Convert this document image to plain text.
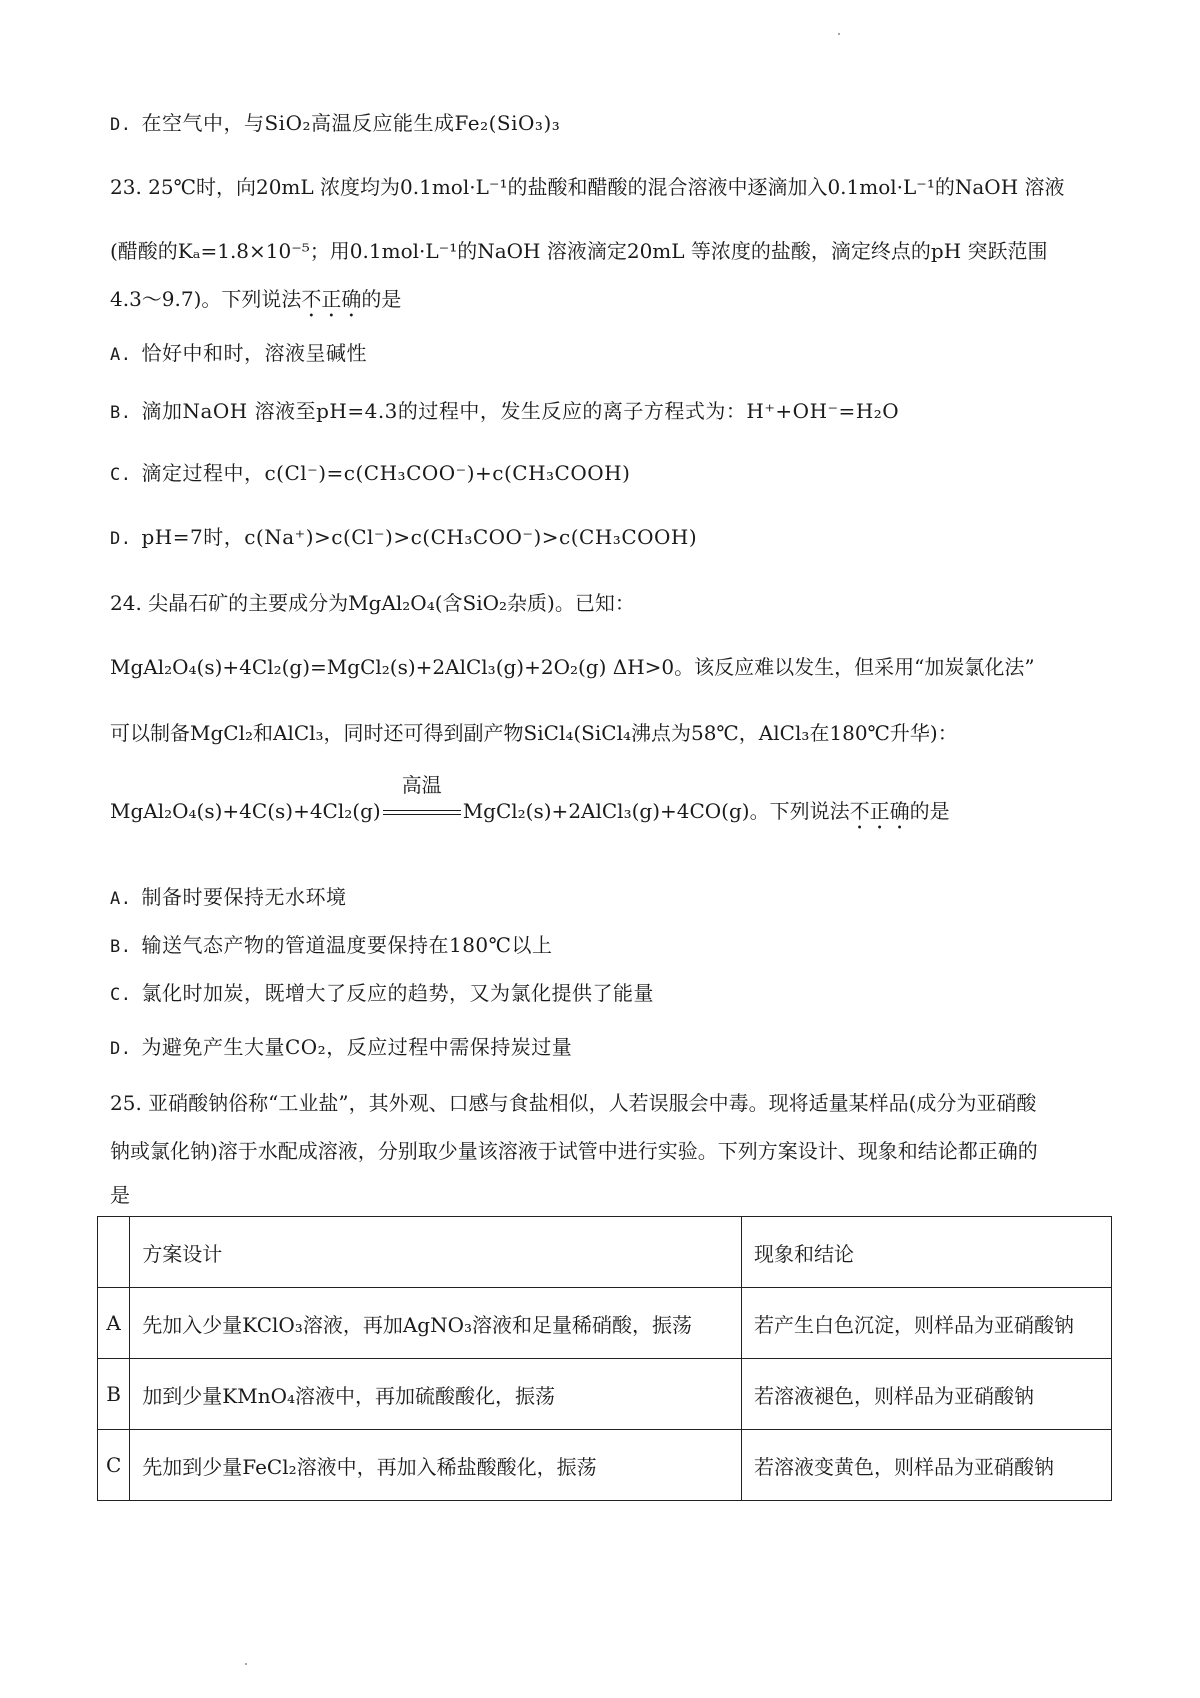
D. 在空气中，与SiO₂高温反应能生成Fe₂(SiO₃)₃
23. 25℃时，向20mL 浓度均为0.1mol·L⁻¹的盐酸和醋酸的混合溶液中逐滴加入0.1mol·L⁻¹的NaOH 溶液
(醋酸的Kₐ=1.8×10⁻⁵；用0.1mol·L⁻¹的NaOH 溶液滴定20mL 等浓度的盐酸，滴定终点的pH 突跃范围
4.3～9.7)。下列说法不正确的是
A. 恰好中和时，溶液呈碱性
B. 滴加NaOH 溶液至pH=4.3的过程中，发生反应的离子方程式为：H⁺+OH⁻=H₂O
C. 滴定过程中，c(Cl⁻)=c(CH₃COO⁻)+c(CH₃COOH)
D. pH=7时，c(Na⁺)>c(Cl⁻)>c(CH₃COO⁻)>c(CH₃COOH)
24. 尖晶石矿的主要成分为MgAl₂O₄(含SiO₂杂质)。已知：
MgAl₂O₄(s)+4Cl₂(g)=MgCl₂(s)+2AlCl₃(g)+2O₂(g) ΔH>0。该反应难以发生，但采用“加炭氯化法”
可以制备MgCl₂和AlCl₃，同时还可得到副产物SiCl₄(SiCl₄沸点为58℃，AlCl₃在180℃升华)：
MgAl₂O₄(s)+4C(s)+4Cl₂(g)
高温
MgCl₂(s)+2AlCl₃(g)+4CO(g)。下列说法不正确的是
A. 制备时要保持无水环境
B. 输送气态产物的管道温度要保持在180℃以上
C. 氯化时加炭，既增大了反应的趋势，又为氯化提供了能量
D. 为避免产生大量CO₂，反应过程中需保持炭过量
25. 亚硝酸钠俗称“工业盐”，其外观、口感与食盐相似，人若误服会中毒。现将适量某样品(成分为亚硝酸
钠或氯化钠)溶于水配成溶液，分别取少量该溶液于试管中进行实验。下列方案设计、现象和结论都正确的
是
	方案设计	现象和结论
A	先加入少量KClO₃溶液，再加AgNO₃溶液和足量稀硝酸，振荡	若产生白色沉淀，则样品为亚硝酸钠
B	加到少量KMnO₄溶液中，再加硫酸酸化，振荡	若溶液褪色，则样品为亚硝酸钠
C	先加到少量FeCl₂溶液中，再加入稀盐酸酸化，振荡	若溶液变黄色，则样品为亚硝酸钠
